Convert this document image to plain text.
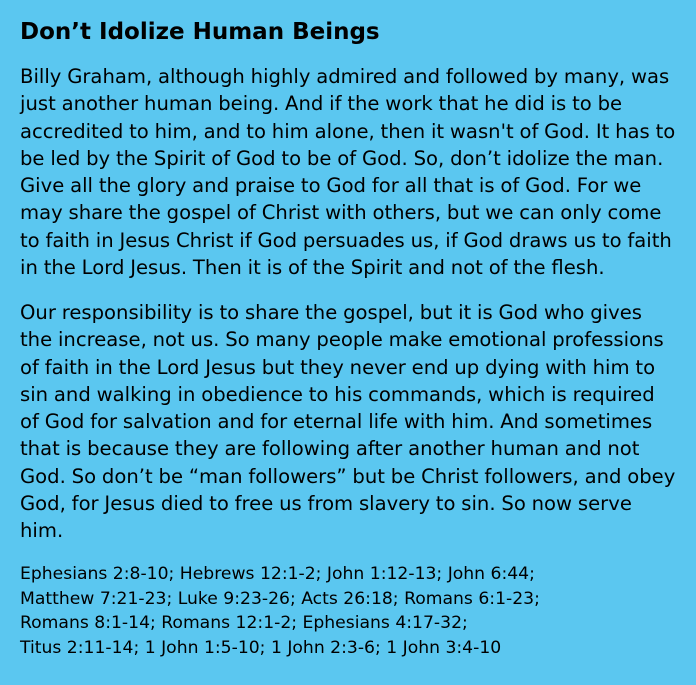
Don’t Idolize Human Beings

Billy Graham, although highly admired and followed by many, was just another human being. And if the work that he did is to be accredited to him, and to him alone, then it wasn't of God. It has to be led by the Spirit of God to be of God. So, don’t idolize the man. Give all the glory and praise to God for all that is of God. For we may share the gospel of Christ with others, but we can only come to faith in Jesus Christ if God persuades us, if God draws us to faith in the Lord Jesus. Then it is of the Spirit and not of the flesh.

Our responsibility is to share the gospel, but it is God who gives the increase, not us. So many people make emotional professions of faith in the Lord Jesus but they never end up dying with him to sin and walking in obedience to his commands, which is required of God for salvation and for eternal life with him. And sometimes that is because they are following after another human and not God. So don’t be “man followers” but be Christ followers, and obey God, for Jesus died to free us from slavery to sin. So now serve him.

Ephesians 2:8-10; Hebrews 12:1-2; John 1:12-13; John 6:44;
Matthew 7:21-23; Luke 9:23-26; Acts 26:18; Romans 6:1-23;
Romans 8:1-14; Romans 12:1-2; Ephesians 4:17-32;
Titus 2:11-14; 1 John 1:5-10; 1 John 2:3-6; 1 John 3:4-10
